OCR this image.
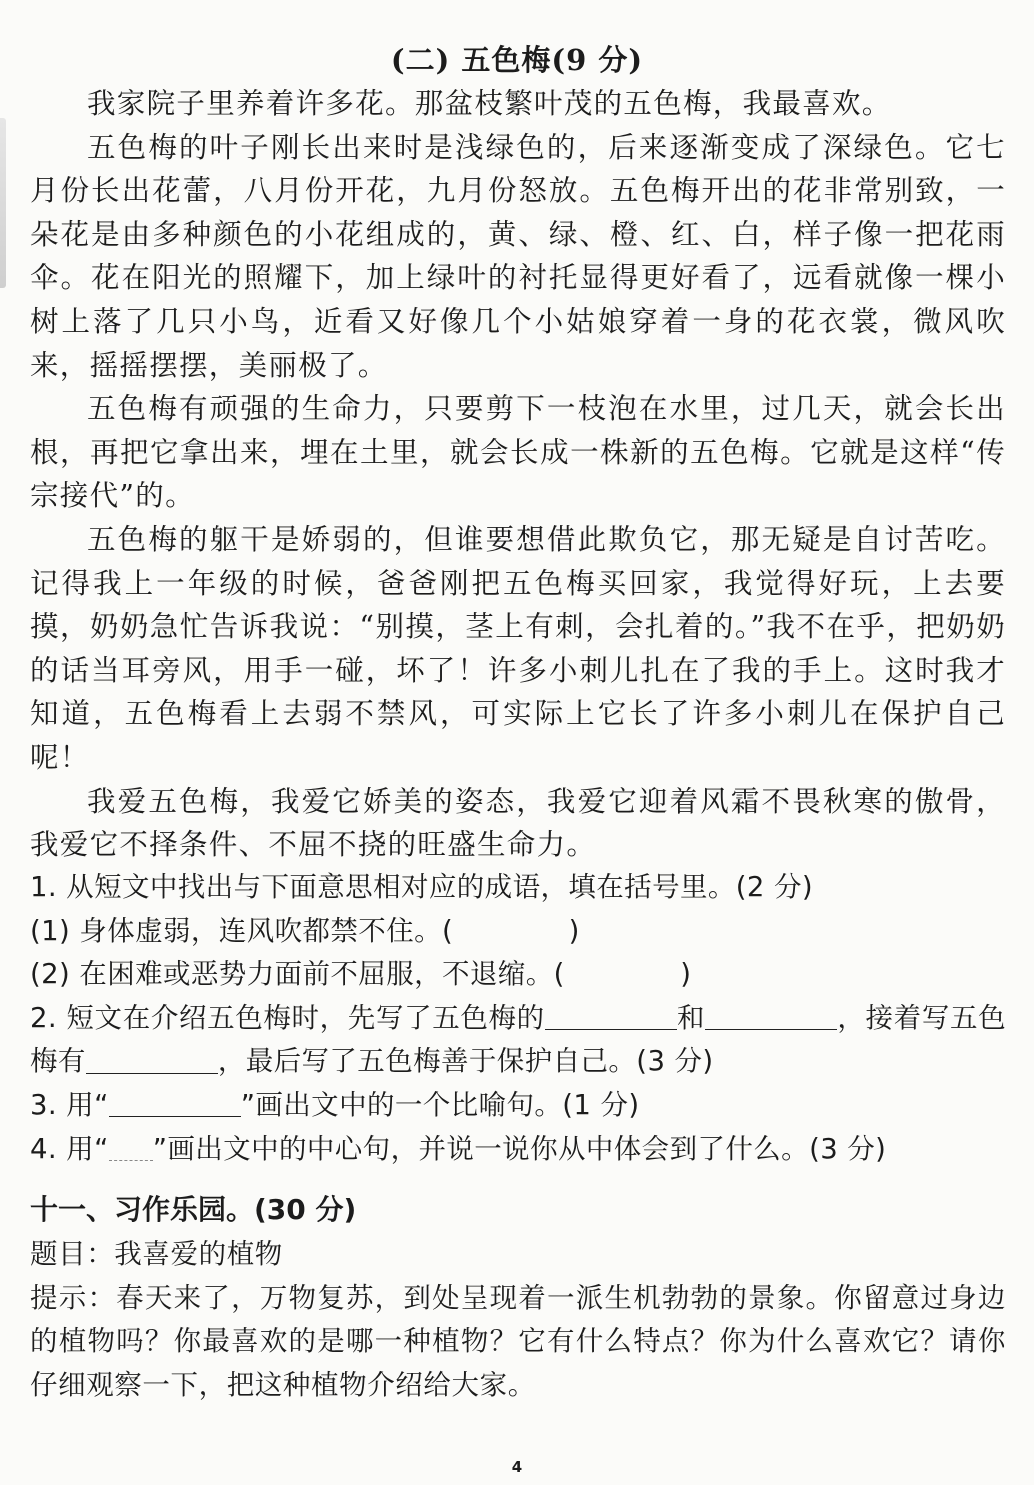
(二) 五色梅(9 分)

我家院子里养着许多花。那盆枝繁叶茂的五色梅，我最喜欢。

五色梅的叶子刚长出来时是浅绿色的，后来逐渐变成了深绿色。它七月份长出花蕾，八月份开花，九月份怒放。五色梅开出的花非常别致，一朵花是由多种颜色的小花组成的，黄、绿、橙、红、白，样子像一把花雨伞。花在阳光的照耀下，加上绿叶的衬托显得更好看了，远看就像一棵小树上落了几只小鸟，近看又好像几个小姑娘穿着一身的花衣裳，微风吹来，摇摇摆摆，美丽极了。

五色梅有顽强的生命力，只要剪下一枝泡在水里，过几天，就会长出根，再把它拿出来，埋在土里，就会长成一株新的五色梅。它就是这样“传宗接代”的。

五色梅的躯干是娇弱的，但谁要想借此欺负它，那无疑是自讨苦吃。记得我上一年级的时候，爸爸刚把五色梅买回家，我觉得好玩，上去要摸，奶奶急忙告诉我说：“别摸，茎上有刺，会扎着的。”我不在乎，把奶奶的话当耳旁风，用手一碰，坏了！许多小刺儿扎在了我的手上。这时我才知道，五色梅看上去弱不禁风，可实际上它长了许多小刺儿在保护自己呢！

我爱五色梅，我爱它娇美的姿态，我爱它迎着风霜不畏秋寒的傲骨，我爱它不择条件、不屈不挠的旺盛生命力。

1. 从短文中找出与下面意思相对应的成语，填在括号里。(2 分)

(1) 身体虚弱，连风吹都禁不住。(	)

(2) 在困难或恶势力面前不屈服，不退缩。(	)

2. 短文在介绍五色梅时，先写了五色梅的	和	，接着写五色梅有	，最后写了五色梅善于保护自己。(3 分)

3. 用“	”画出文中的一个比喻句。(1 分)

4. 用“ ”画出文中的中心句，并说一说你从中体会到了什么。(3 分)

十一、习作乐园。(30 分)

题目：我喜爱的植物

提示：春天来了，万物复苏，到处呈现着一派生机勃勃的景象。你留意过身边的植物吗？你最喜欢的是哪一种植物？它有什么特点？你为什么喜欢它？请你仔细观察一下，把这种植物介绍给大家。

4
